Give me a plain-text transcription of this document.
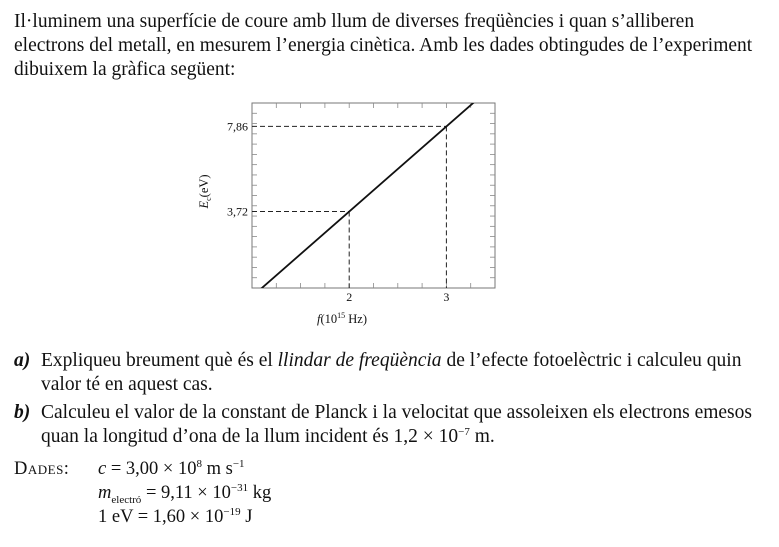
Il·luminem una superfície de coure amb llum de diverses freqüències i quan s’alliberen electrons del metall, en mesurem l’energia cinètica. Amb les dades obtingudes de l’experiment dibuixem la gràfica següent:

3,72
7,86
2	3
$f(10^{15}$ Hz)
$E_c(eV)$
a) Expliqueu breument què és el llindar de freqüència de l’efecte fotoelèctric i calculeu quin valor té en aquest cas.
b) Calculeu el valor de la constant de Planck i la velocitat que assoleixen els electrons emesos quan la longitud d’ona de la llum incident és $1,2 \times 10^{-7}$ m.
Dades: $c = 3,00 \times 10^8$ m $s^{-1}$
$m_{electró} = 9,11 \times 10^{-31}$ kg
1 eV = $1,60 \times 10^{-19}$ J
